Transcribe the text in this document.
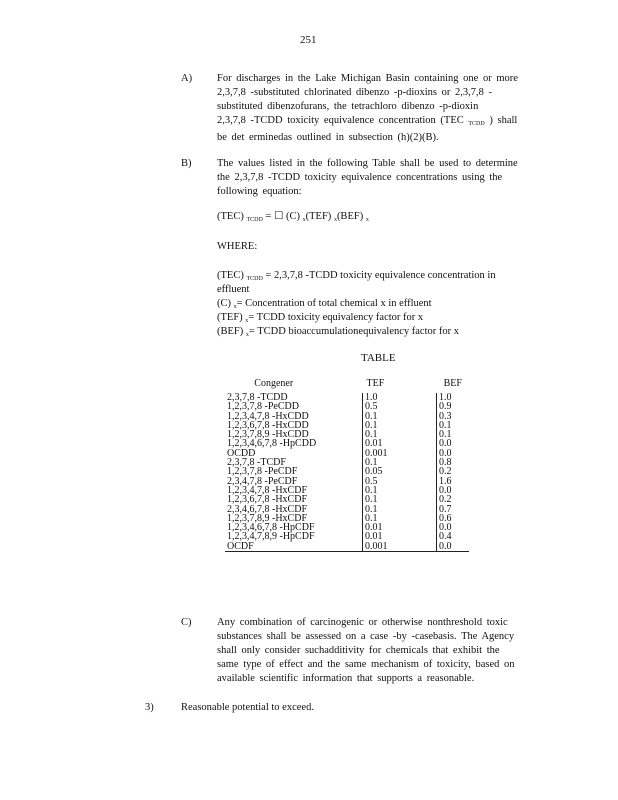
251
A) For discharges in the Lake Michigan Basin containing one or more
2,3,7,8 -substituted chlorinated dibenzo -p-dioxins or 2,3,7,8 -
substituted dibenzofurans, the tetrachloro dibenzo -p-dioxin
2,3,7,8 -TCDD toxicity equivalence concentration (TEC $_{TCDD}$ ) shall
be det erminedas outlined in subsection (h)(2)(B).
B) The values listed in the following Table shall be used to determine
the 2,3,7,8 -TCDD toxicity equivalence concentrations using the
following equation:
(TEC) $_{TCDD}$ = ☐ (C) $_x$(TEF) $_x$(BEF) $_x$
WHERE:
(TEC) $_{TCDD}$ = 2,3,7,8 -TCDD toxicity equivalence concentration in
effluent
(C) $_x$= Concentration of total chemical x in effluent
(TEF) $_x$= TCDD toxicity equivalency factor for x
(BEF) $_x$= TCDD bioaccumulationequivalency factor for x
TABLE
Congener	TEF	BEF
2,3,7,8 -TCDD	1.0	1.0
1,2,3,7,8 -PeCDD	0.5	0.9
1,2,3,4,7,8 -HxCDD	0.1	0.3
1,2,3,6,7,8 -HxCDD	0.1	0.1
1,2,3,7,8,9 -HxCDD	0.1	0.1
1,2,3,4,6,7,8 -HpCDD	0.01	0.0
OCDD	0.001	0.0
2,3,7,8 -TCDF	0.1	0.8
1,2,3,7,8 -PeCDF	0.05	0.2
2,3,4,7,8 -PeCDF	0.5	1.6
1,2,3,4,7,8 -HxCDF	0.1	0.0
1,2,3,6,7,8 -HxCDF	0.1	0.2
2,3,4,6,7,8 -HxCDF	0.1	0.7
1,2,3,7,8,9 -HxCDF	0.1	0.6
1,2,3,4,6,7,8 -HpCDF	0.01	0.0
1,2,3,4,7,8,9 -HpCDF	0.01	0.4
OCDF	0.001	0.0
C) Any combination of carcinogenic or otherwise nonthreshold toxic
substances shall be assessed on a case -by -casebasis. The Agency
shall only consider suchadditivity for chemicals that exhibit the
same type of effect and the same mechanism of toxicity, based on
available scientific information that supports a reasonable.
3)	Reasonable potential to exceed.
